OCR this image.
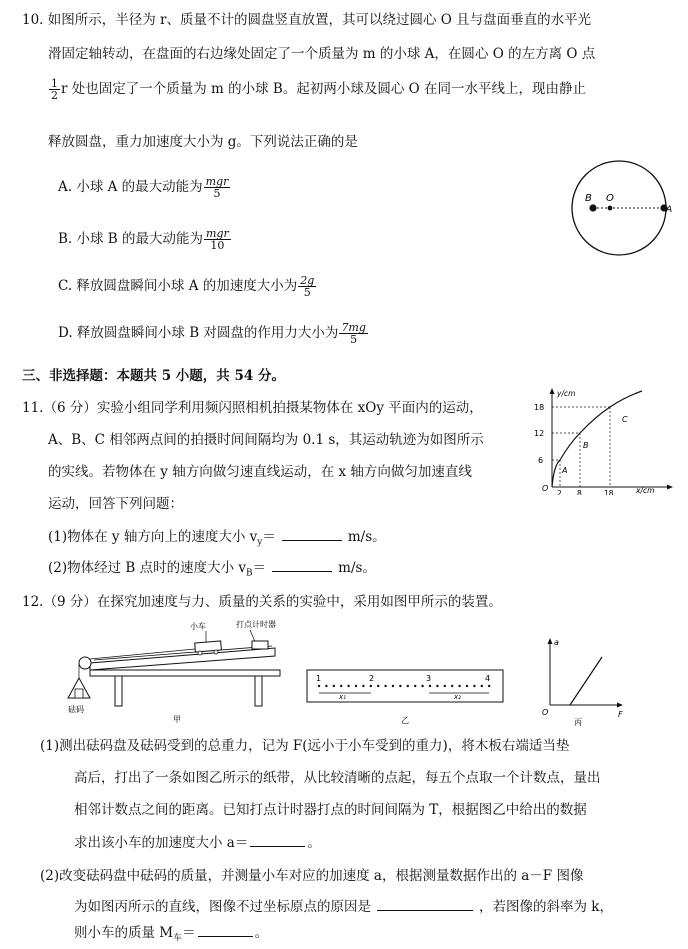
10. 如图所示，半径为 r、质量不计的圆盘竖直放置，其可以绕过圆心 O 且与盘面垂直的水平光
滑固定轴转动，在盘面的右边缘处固定了一个质量为 m 的小球 A，在圆心 O 的左方离 O 点
$\frac{1}{2}$ r 处也固定了一个质量为 m 的小球 B。起初两小球及圆心 O 在同一水平线上，现由静止
释放圆盘，重力加速度大小为 g。下列说法正确的是
A. 小球 A 的最大动能为 $\frac{\text{mgr}}{5}$
B. 小球 B 的最大动能为 $\frac{\text{mgr}}{10}$
C. 释放圆盘瞬间小球 A 的加速度大小为 $\frac{2g}{5}$
D. 释放圆盘瞬间小球 B 对圆盘的作用力大小为 $\frac{7mg}{5}$
B O
A
三、非选择题：本题共 5 小题，共 54 分。
11.（6 分）实验小组同学利用频闪照相机拍摄某物体在 xOy 平面内的运动，
A、B、C 相邻两点间的拍摄时间间隔均为 0.1 s，其运动轨迹为如图所示
的实线。若物体在 y 轴方向做匀速直线运动，在 x 轴方向做匀加速直线
运动，回答下列问题：
(1)物体在 y 轴方向上的速度大小 $v_y=$	m/s。
(2)物体经过 B 点时的速度大小 $v_B=$	m/s。
y/cm
x/cm
O
18
12
6
2 8	18
A
B
C
12.（9 分）在探究加速度与力、质量的关系的实验中，采用如图甲所示的装置。
小车	打点计时器
砝码
甲
1	2	3	4
x₁	x₂
乙
a
F
O
丙
(1)测出砝码盘及砝码受到的总重力，记为 F(远小于小车受到的重力)，将木板右端适当垫
高后，打出了一条如图乙所示的纸带，从比较清晰的点起，每五个点取一个计数点，量出
相邻计数点之间的距离。已知打点计时器打点的时间间隔为 T，根据图乙中给出的数据
求出该小车的加速度大小 a＝	。
(2)改变砝码盘中砝码的质量，并测量小车对应的加速度 a，根据测量数据作出的 a－F 图像
为如图丙所示的直线，图像不过坐标原点的原因是	，若图像的斜率为 k，
则小车的质量 $M_车=$	。
